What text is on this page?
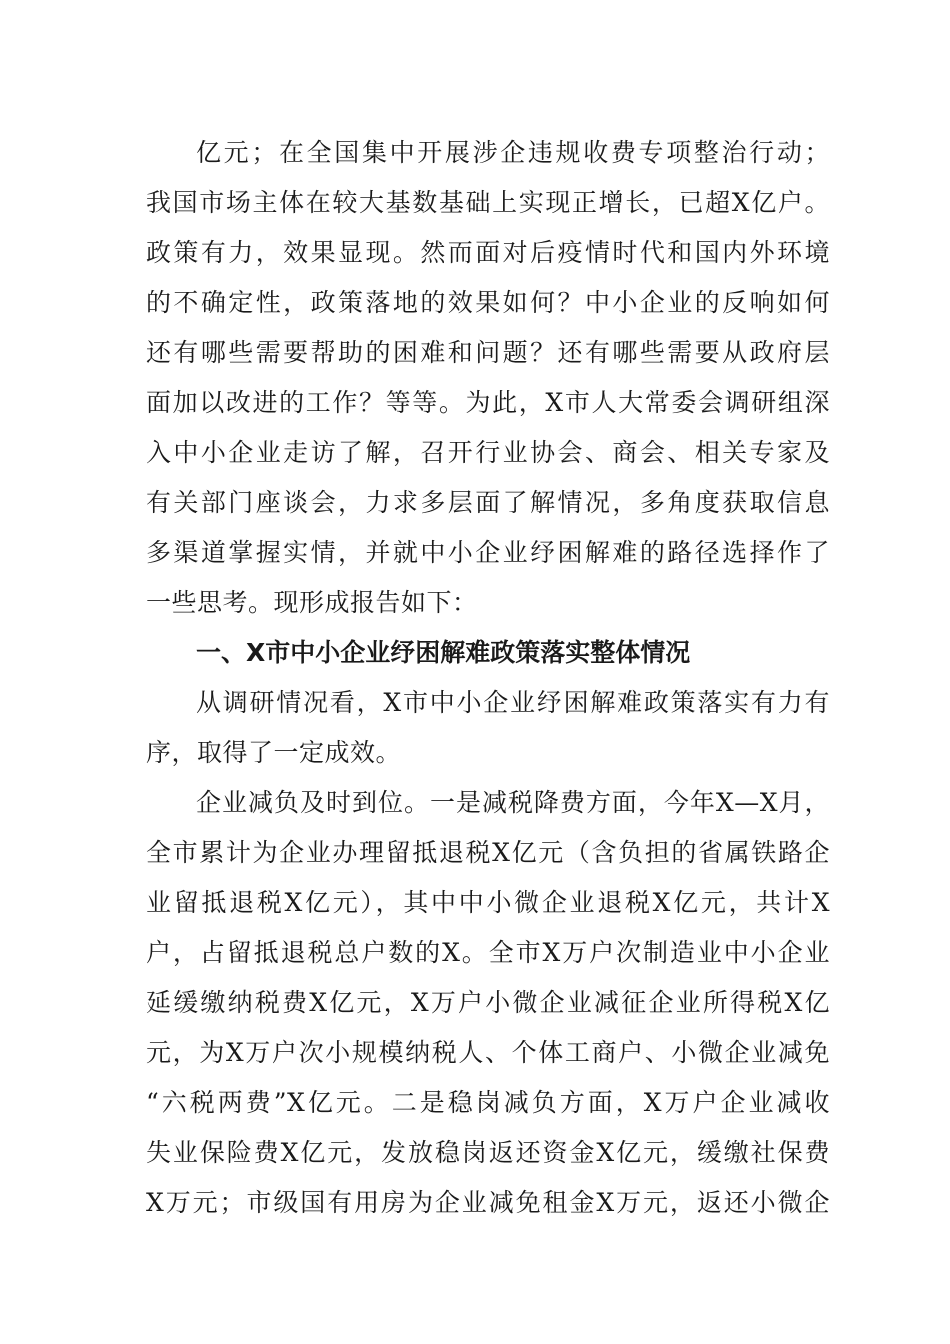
亿元；在全国集中开展涉企违规收费专项整治行动；
我国市场主体在较大基数基础上实现正增长，已超X亿户。
政策有力，效果显现。然而面对后疫情时代和国内外环境
的不确定性，政策落地的效果如何？中小企业的反响如何
还有哪些需要帮助的困难和问题？还有哪些需要从政府层
面加以改进的工作？等等。为此，X市人大常委会调研组深
入中小企业走访了解，召开行业协会、商会、相关专家及
有关部门座谈会，力求多层面了解情况，多角度获取信息
多渠道掌握实情，并就中小企业纾困解难的路径选择作了
一些思考。现形成报告如下：
一、X市中小企业纾困解难政策落实整体情况
从调研情况看，X市中小企业纾困解难政策落实有力有
序，取得了一定成效。
企业减负及时到位。一是减税降费方面，今年X—X月，
全市累计为企业办理留抵退税X亿元（含负担的省属铁路企
业留抵退税X亿元），其中中小微企业退税X亿元，共计X
户，占留抵退税总户数的X。全市X万户次制造业中小企业
延缓缴纳税费X亿元，X万户小微企业减征企业所得税X亿
元，为X万户次小规模纳税人、个体工商户、小微企业减免
“六税两费”X亿元。二是稳岗减负方面，X万户企业减收
失业保险费X亿元，发放稳岗返还资金X亿元，缓缴社保费
X万元；市级国有用房为企业减免租金X万元，返还小微企
